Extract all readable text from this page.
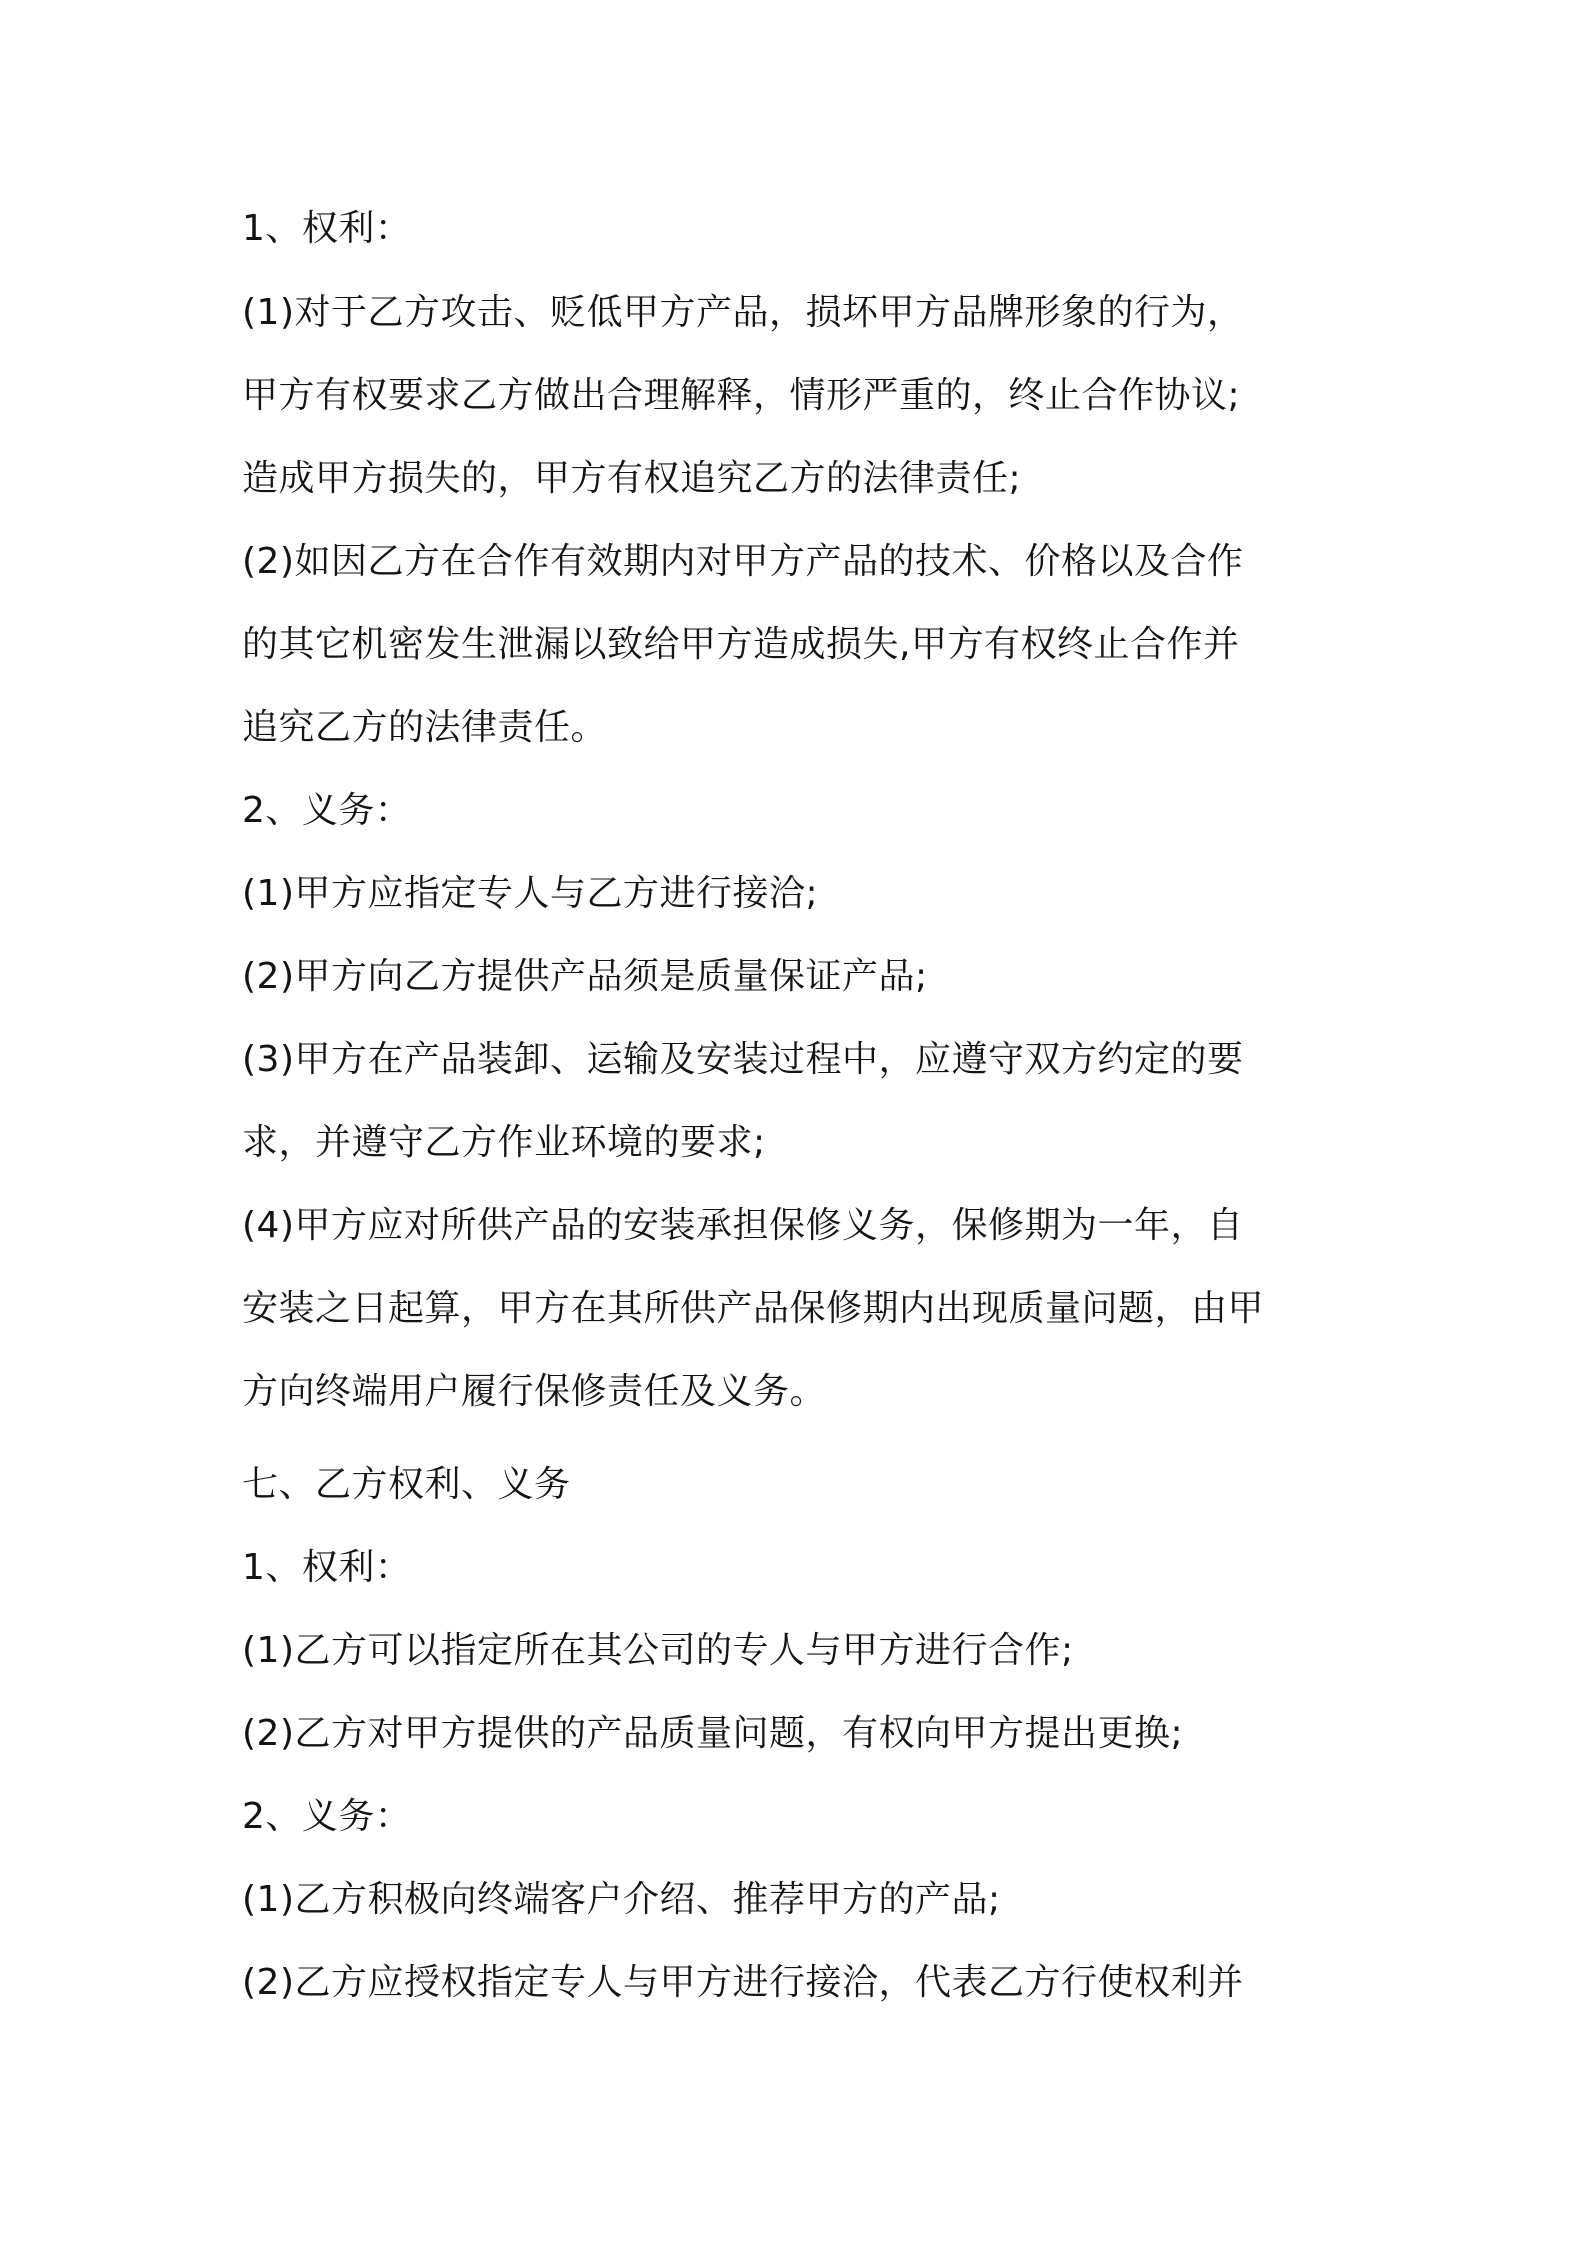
1、权利：
(1)对于乙方攻击、贬低甲方产品，损坏甲方品牌形象的行为，
甲方有权要求乙方做出合理解释，情形严重的，终止合作协议;
造成甲方损失的，甲方有权追究乙方的法律责任;
(2)如因乙方在合作有效期内对甲方产品的技术、价格以及合作
的其它机密发生泄漏以致给甲方造成损失,甲方有权终止合作并
追究乙方的法律责任。
2、义务：
(1)甲方应指定专人与乙方进行接洽;
(2)甲方向乙方提供产品须是质量保证产品;
(3)甲方在产品装卸、运输及安装过程中，应遵守双方约定的要
求，并遵守乙方作业环境的要求;
(4)甲方应对所供产品的安装承担保修义务，保修期为一年，自
安装之日起算，甲方在其所供产品保修期内出现质量问题，由甲
方向终端用户履行保修责任及义务。
七、乙方权利、义务
1、权利：
(1)乙方可以指定所在其公司的专人与甲方进行合作;
(2)乙方对甲方提供的产品质量问题，有权向甲方提出更换;
2、义务：
(1)乙方积极向终端客户介绍、推荐甲方的产品;
(2)乙方应授权指定专人与甲方进行接洽，代表乙方行使权利并
